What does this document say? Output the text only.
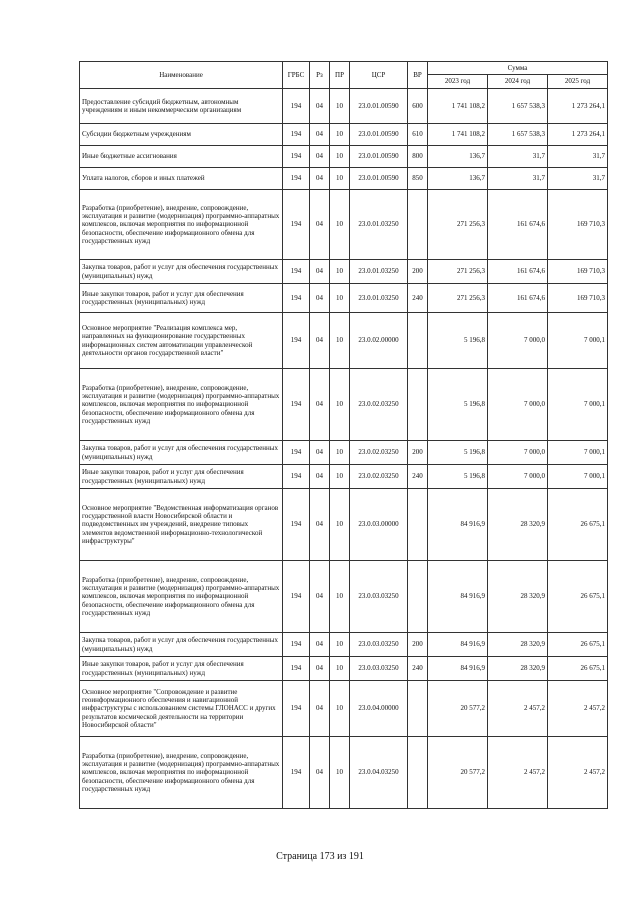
Наименование	ГРБС	Рз	ПР	ЦСР	ВР	Сумма		
						2023 год	2024 год	2025 год
Предоставление субсидий бюджетным, автономным учреждениям и иным некоммерческим организациям	194	04	10	23.0.01.00590	600	1 741 108,2	1 657 538,3	1 273 264,1
Субсидии бюджетным учреждениям	194	04	10	23.0.01.00590	610	1 741 108,2	1 657 538,3	1 273 264,1
Иные бюджетные ассигнования	194	04	10	23.0.01.00590	800	136,7	31,7	31,7
Уплата налогов, сборов и иных платежей	194	04	10	23.0.01.00590	850	136,7	31,7	31,7
Разработка (приобретение), внедрение, сопровождение, эксплуатация и развитие (модернизация) программно-аппаратных комплексов, включая мероприятия по информационной безопасности, обеспечение информационного обмена для государственных нужд	194	04	10	23.0.01.03250		271 256,3	161 674,6	169 710,3
Закупка товаров, работ и услуг для обеспечения государственных (муниципальных) нужд	194	04	10	23.0.01.03250	200	271 256,3	161 674,6	169 710,3
Иные закупки товаров, работ и услуг для обеспечения государственных (муниципальных) нужд	194	04	10	23.0.01.03250	240	271 256,3	161 674,6	169 710,3
Основное мероприятие "Реализация комплекса мер, направленных на функционирование государственных информационных систем автоматизации управленческой деятельности органов государственной власти"	194	04	10	23.0.02.00000		5 196,8	7 000,0	7 000,1
Разработка (приобретение), внедрение, сопровождение, эксплуатация и развитие (модернизация) программно-аппаратных комплексов, включая мероприятия по информационной безопасности, обеспечение информационного обмена для государственных нужд	194	04	10	23.0.02.03250		5 196,8	7 000,0	7 000,1
Закупка товаров, работ и услуг для обеспечения государственных (муниципальных) нужд	194	04	10	23.0.02.03250	200	5 196,8	7 000,0	7 000,1
Иные закупки товаров, работ и услуг для обеспечения государственных (муниципальных) нужд	194	04	10	23.0.02.03250	240	5 196,8	7 000,0	7 000,1
Основное мероприятие "Ведомственная информатизация органов государственной власти Новосибирской области и подведомственных им учреждений, внедрение типовых элементов ведомственной информационно-технологической инфраструктуры"	194	04	10	23.0.03.00000		84 916,9	28 320,9	26 675,1
Разработка (приобретение), внедрение, сопровождение, эксплуатация и развитие (модернизация) программно-аппаратных комплексов, включая мероприятия по информационной безопасности, обеспечение информационного обмена для государственных нужд	194	04	10	23.0.03.03250		84 916,9	28 320,9	26 675,1
Закупка товаров, работ и услуг для обеспечения государственных (муниципальных) нужд	194	04	10	23.0.03.03250	200	84 916,9	28 320,9	26 675,1
Иные закупки товаров, работ и услуг для обеспечения государственных (муниципальных) нужд	194	04	10	23.0.03.03250	240	84 916,9	28 320,9	26 675,1
Основное мероприятие "Сопровождение и развитие геоинформационного обеспечения и навигационной инфраструктуры с использованием системы ГЛОНАСС и других результатов космической деятельности на территории Новосибирской области"	194	04	10	23.0.04.00000		20 577,2	2 457,2	2 457,2
Разработка (приобретение), внедрение, сопровождение, эксплуатация и развитие (модернизация) программно-аппаратных комплексов, включая мероприятия по информационной безопасности, обеспечение информационного обмена для государственных нужд	194	04	10	23.0.04.03250		20 577,2	2 457,2	2 457,2
Страница 173 из 191
